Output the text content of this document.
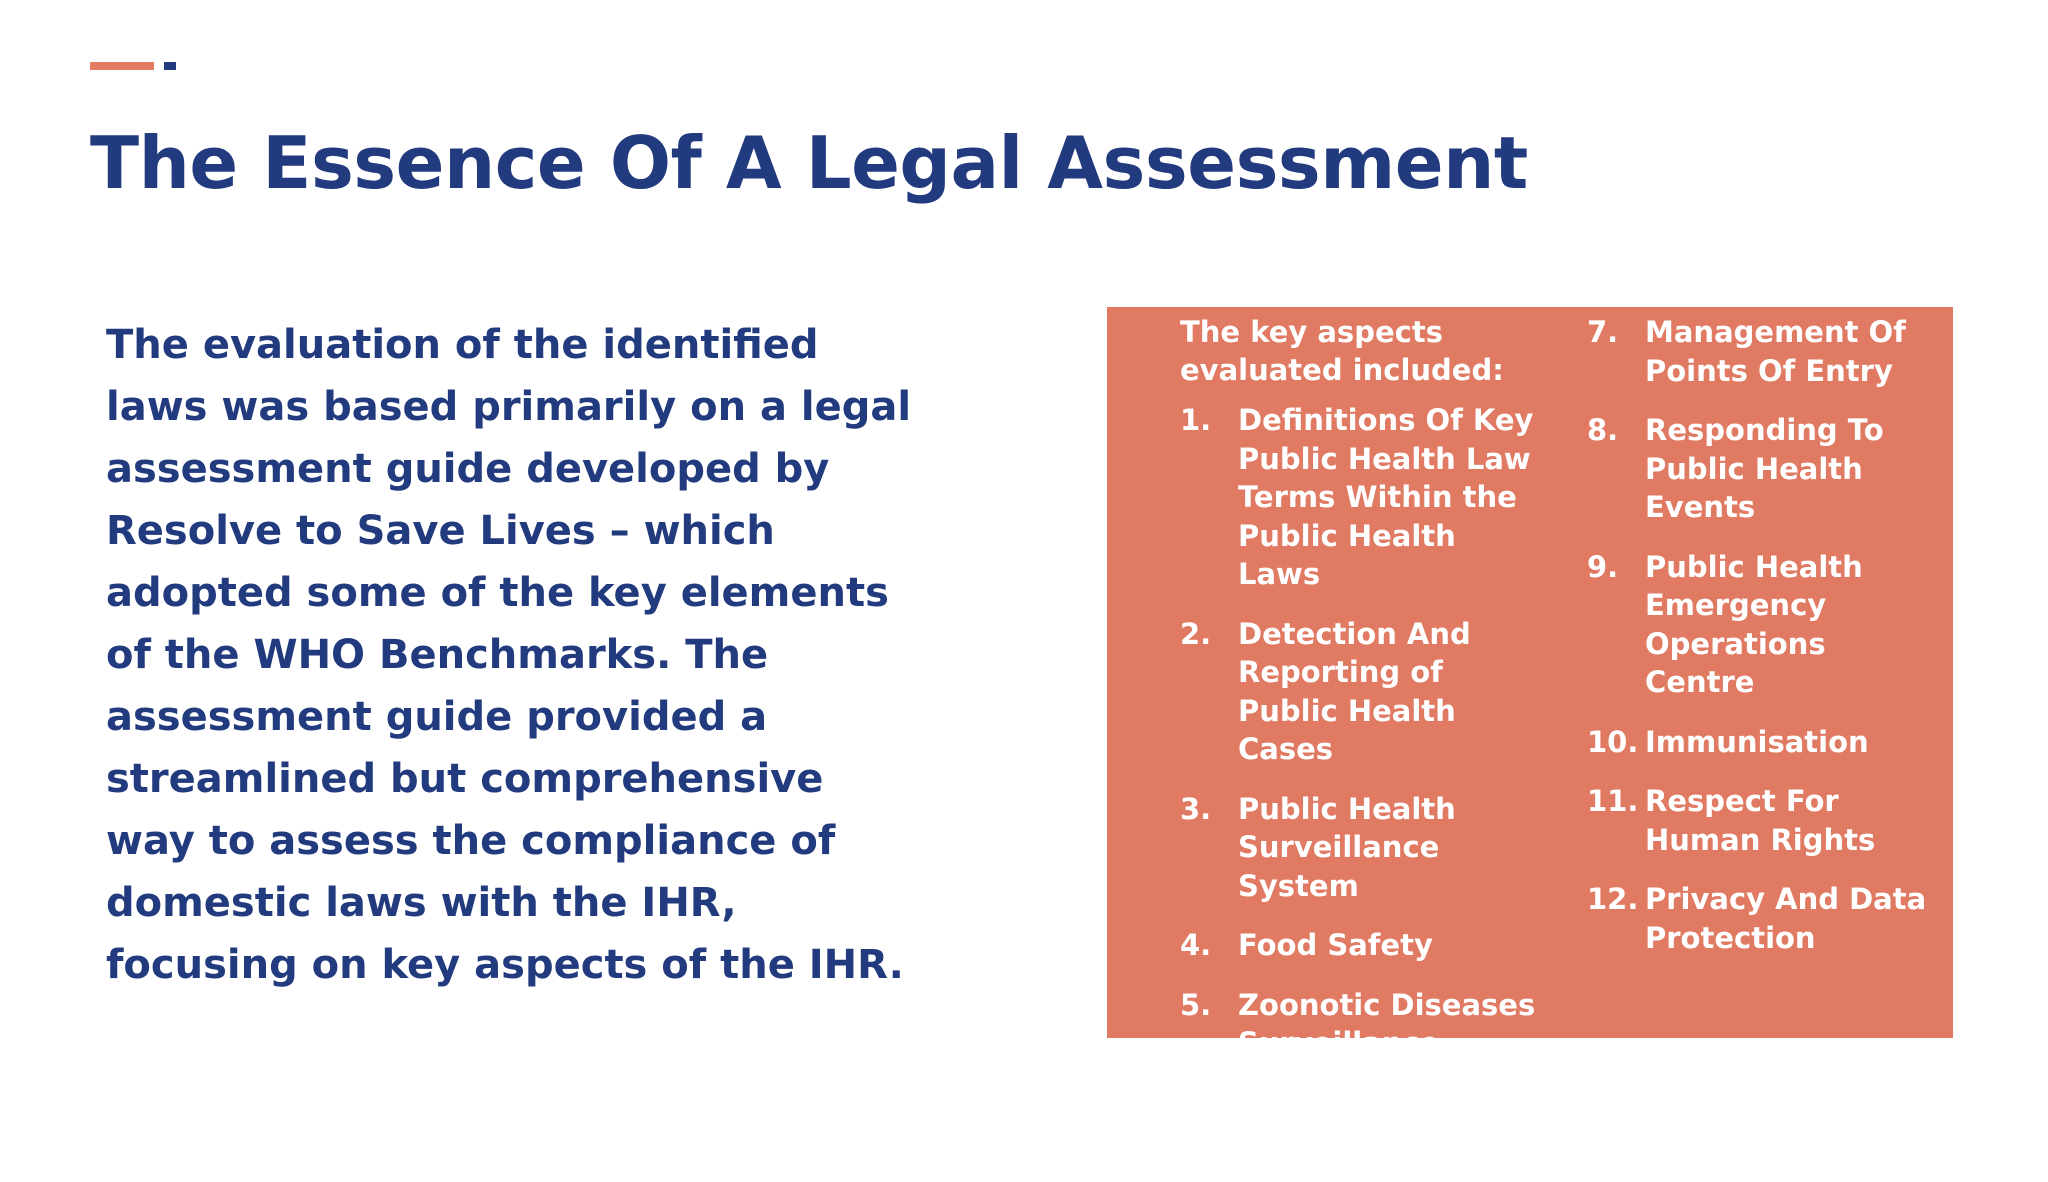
The Essence Of A Legal Assessment

The evaluation of the identified laws was based primarily on a legal assessment guide developed by Resolve to Save Lives – which adopted some of the key elements of the WHO Benchmarks. The assessment guide provided a streamlined but comprehensive way to assess the compliance of domestic laws with the IHR, focusing on key aspects of the IHR.

The key aspects evaluated included:

1. Definitions Of Key Public Health Law Terms Within the Public Health Laws
2. Detection And Reporting of Public Health Cases
3. Public Health Surveillance System
4. Food Safety
5. Zoonotic Diseases Surveillance
6. Laboratory System
7. Management Of Points Of Entry
8. Responding To Public Health Events
9. Public Health Emergency Operations Centre
10. Immunisation
11. Respect For Human Rights
12. Privacy And Data Protection
